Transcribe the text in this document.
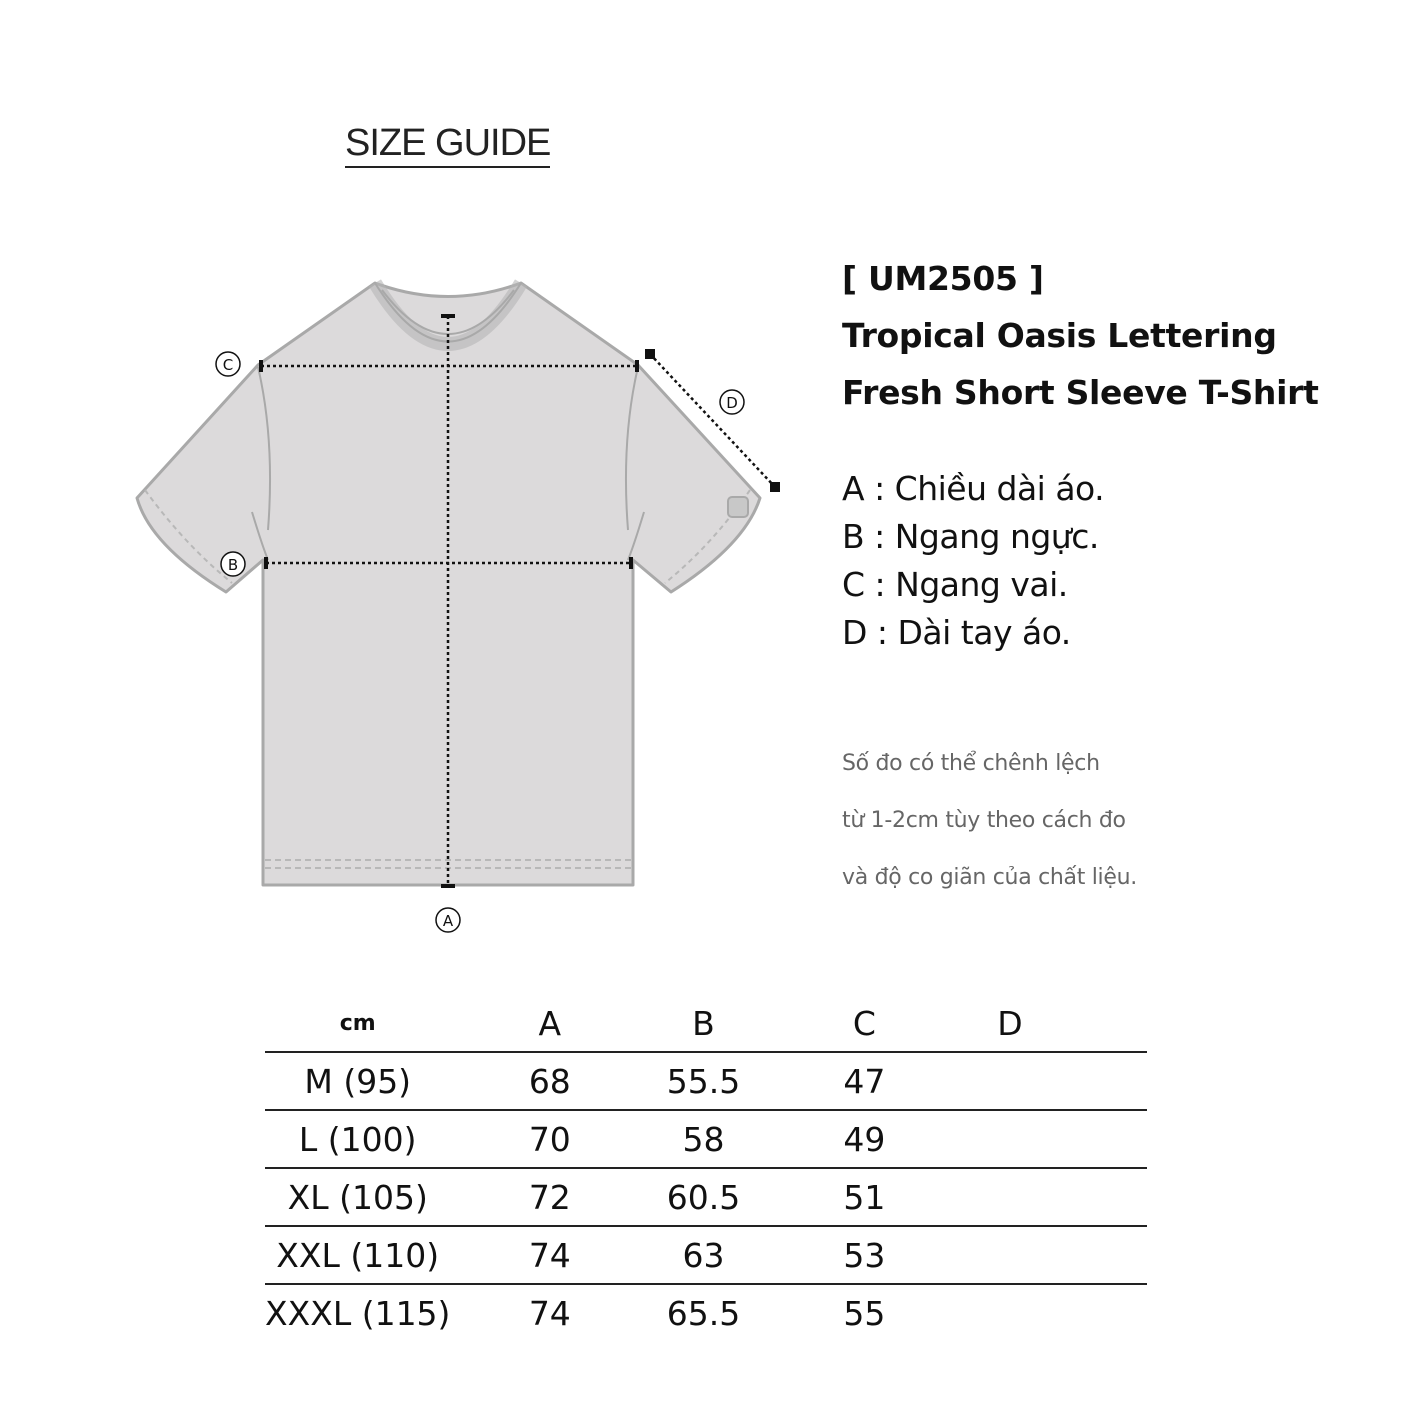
SIZE GUIDE
C
D
B
A
[ UM2505 ]
Tropical Oasis Lettering
Fresh Short Sleeve T-Shirt
A : Chiều dài áo.
B : Ngang ngực.
C : Ngang vai.
D : Dài tay áo.
Số đo có thể chênh lệch
từ 1-2cm tùy theo cách đo
và độ co giãn của chất liệu.
cm	A	B	C	D	
M (95)	68	55.5	47		
L (100)	70	58	49		
XL (105)	72	60.5	51		
XXL (110)	74	63	53		
XXXL (115)	74	65.5	55		
